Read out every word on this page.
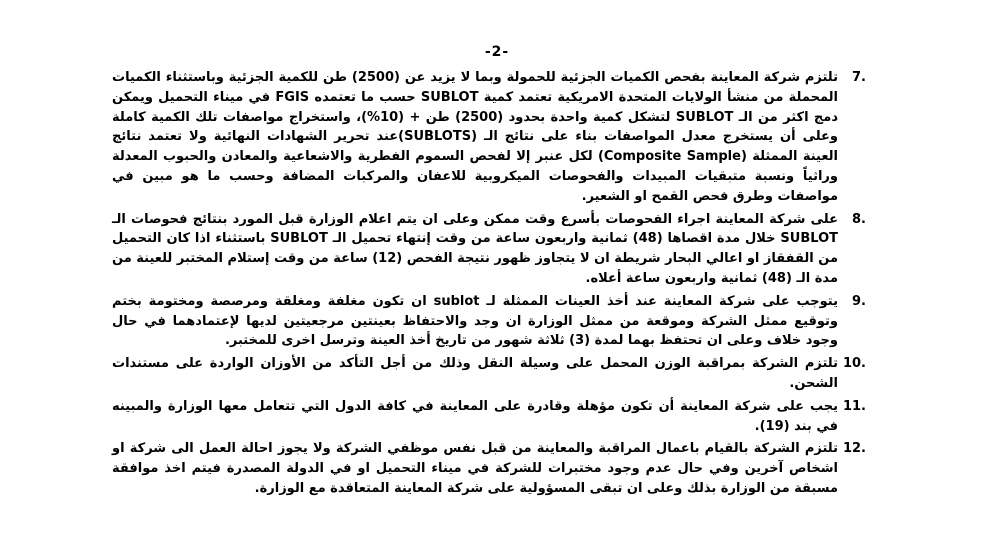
-2-
7.
تلتزم شركة المعاينة بفحص الكميات الجزئية للحمولة وبما لا يزيد عن (2500) طن للكمية الجزئية وباستثناء الكميات المحملة من منشأ الولايات المتحدة الامريكية تعتمد كمية SUBLOT حسب ما تعتمده FGIS في ميناء التحميل ويمكن دمج اكثر من الـ SUBLOT لتشكل كمية واحدة بحدود (2500) طن + (10%)، واستخراج مواصفات تلك الكمية كاملة وعلى أن يستخرج معدل المواصفات بناء على نتائج الـ (SUBLOTS)عند تحرير الشهادات النهائية ولا تعتمد نتائج العينة الممثلة (Composite Sample) لكل عنبر إلا لفحص السموم الفطرية والاشعاعية والمعادن والحبوب المعدلة وراثياً ونسبة متبقيات المبيدات والفحوصات الميكروبية للاعفان والمركبات المضافة وحسب ما هو مبين في مواصفات وطرق فحص القمح او الشعير.
8.
على شركة المعاينة اجراء الفحوصات بأسرع وقت ممكن وعلى ان يتم اعلام الوزارة قبل المورد بنتائج فحوصات الـ SUBLOT خلال مدة اقصاها (48) ثمانية واربعون ساعة من وقت إنتهاء تحميل الـ SUBLOT باستثناء اذا كان التحميل من القفقاز او اعالي البحار شريطة ان لا يتجاوز ظهور نتيجة الفحص (12) ساعة من وقت إستلام المختبر للعينة من مدة الـ (48) ثمانية واربعون ساعة أعلاه.
9.
يتوجب على شركة المعاينة عند أخذ العينات الممثلة لـ sublot ان تكون مغلفة ومغلقة ومرصصة ومختومة بختم وتوقيع ممثل الشركة وموقعة من ممثل الوزارة ان وجد والاحتفاظ بعينتين مرجعيتين لديها لإعتمادهما في حال وجود خلاف وعلى ان تحتفظ بهما لمدة (3) ثلاثة شهور من تاريخ أخذ العينة وترسل اخرى للمختبر.
10.
تلتزم الشركة بمراقبة الوزن المحمل على وسيلة النقل وذلك من أجل التأكد من الأوزان الواردة على مستندات الشحن.
11.
يجب على شركة المعاينة أن تكون مؤهلة وقادرة على المعاينة في كافة الدول التي تتعامل معها الوزارة والمبينه في بند (19).
12.
تلتزم الشركة بالقيام باعمال المراقبة والمعاينة من قبل نفس موظفي الشركة ولا يجوز احالة العمل الى شركة او اشخاص آخرين وفي حال عدم وجود مختبرات للشركة في ميناء التحميل او في الدولة المصدرة فيتم اخذ موافقة مسبقة من الوزارة بذلك وعلى ان تبقى المسؤولية على شركة المعاينة المتعاقدة مع الوزارة.
